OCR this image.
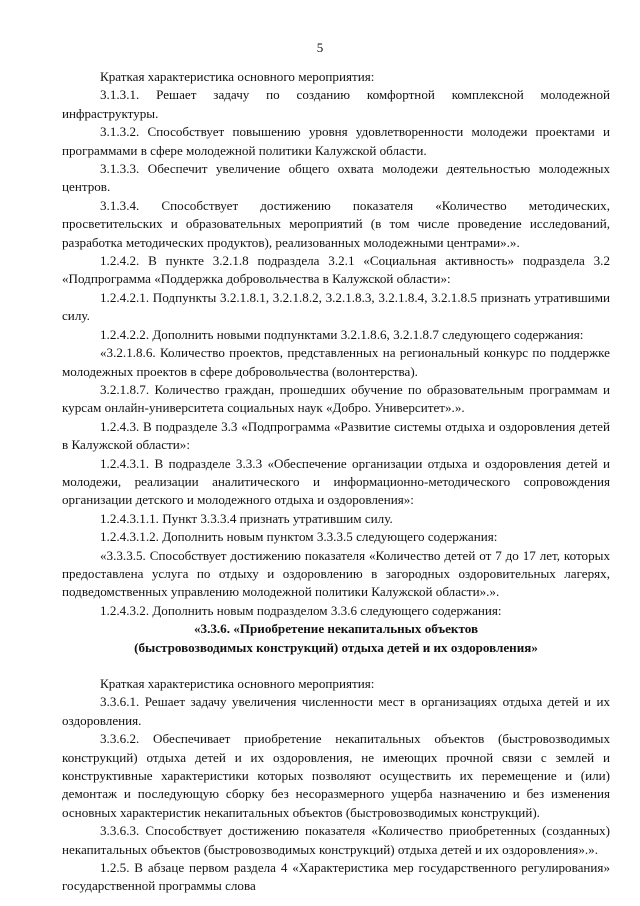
5

Краткая характеристика основного мероприятия:

3.1.3.1. Решает задачу по созданию комфортной комплексной молодежной инфраструктуры.

3.1.3.2. Способствует повышению уровня удовлетворенности молодежи проектами и программами в сфере молодежной политики Калужской области.

3.1.3.3. Обеспечит увеличение общего охвата молодежи деятельностью молодежных центров.

3.1.3.4. Способствует достижению показателя «Количество методических, просветительских и образовательных мероприятий (в том числе проведение исследований, разработка методических продуктов), реализованных молодежными центрами».».

1.2.4.2. В пункте 3.2.1.8 подраздела 3.2.1 «Социальная активность» подраздела 3.2 «Подпрограмма «Поддержка добровольчества в Калужской области»:

1.2.4.2.1. Подпункты 3.2.1.8.1, 3.2.1.8.2, 3.2.1.8.3, 3.2.1.8.4, 3.2.1.8.5 признать утратившими силу.

1.2.4.2.2. Дополнить новыми подпунктами 3.2.1.8.6, 3.2.1.8.7 следующего содержания:

«3.2.1.8.6. Количество проектов, представленных на региональный конкурс по поддержке молодежных проектов в сфере добровольчества (волонтерства).

3.2.1.8.7. Количество граждан, прошедших обучение по образовательным программам и курсам онлайн-университета социальных наук «Добро. Университет».».

1.2.4.3. В подразделе 3.3 «Подпрограмма «Развитие системы отдыха и оздоровления детей в Калужской области»:

1.2.4.3.1. В подразделе 3.3.3 «Обеспечение организации отдыха и оздоровления детей и молодежи, реализации аналитического и информационно-методического сопровождения организации детского и молодежного отдыха и оздоровления»:

1.2.4.3.1.1. Пункт 3.3.3.4 признать утратившим силу.

1.2.4.3.1.2. Дополнить новым пунктом 3.3.3.5 следующего содержания:

«3.3.3.5. Способствует достижению показателя «Количество детей от 7 до 17 лет, которых предоставлена услуга по отдыху и оздоровлению в загородных оздоровительных лагерях, подведомственных управлению молодежной политики Калужской области».».

1.2.4.3.2. Дополнить новым подразделом 3.3.6 следующего содержания:

«3.3.6. «Приобретение некапитальных объектов

(быстровозводимых конструкций) отдыха детей и их оздоровления»

Краткая характеристика основного мероприятия:

3.3.6.1. Решает задачу увеличения численности мест в организациях отдыха детей и их оздоровления.

3.3.6.2. Обеспечивает приобретение некапитальных объектов (быстровозводимых конструкций) отдыха детей и их оздоровления, не имеющих прочной связи с землей и конструктивные характеристики которых позволяют осуществить их перемещение и (или) демонтаж и последующую сборку без несоразмерного ущерба назначению и без изменения основных характеристик некапитальных объектов (быстровозводимых конструкций).

3.3.6.3. Способствует достижению показателя «Количество приобретенных (созданных) некапитальных объектов (быстровозводимых конструкций) отдыха детей и их оздоровления».».

1.2.5. В абзаце первом раздела 4 «Характеристика мер государственного регулирования» государственной программы слова
